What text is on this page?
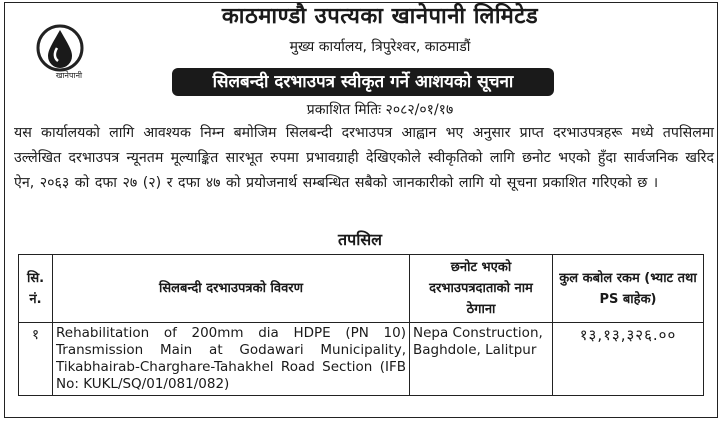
खानेपानी
काठमाण्डौ उपत्यका खानेपानी लिमिटेड
मुख्य कार्यालय, त्रिपुरेश्वर, काठमाडौं
सिलबन्दी दरभाउपत्र स्वीकृत गर्ने आशयको सूचना
प्रकाशित मितिः २०८२/०१/१७
यस कार्यालयको लागि आवश्यक निम्न बमोजिम सिलबन्दी दरभाउपत्र आह्वान भए अनुसार प्राप्त दरभाउपत्रहरू मध्ये तपसिलमा उल्लेखित दरभाउपत्र न्यूनतम मूल्याङ्कित सारभूत रुपमा प्रभावग्राही देखिएकोले स्वीकृतिको लागि छनोट भएको हुँदा सार्वजनिक खरिद ऐन, २०६३ को दफा २७ (२) र दफा ४७ को प्रयोजनार्थ सम्बन्धित सबैको जानकारीको लागि यो सूचना प्रकाशित गरिएको छ ।
तपसिल
सि. नं.	सिलबन्दी दरभाउपत्रको विवरण	छनोट भएको दरभाउपत्रदाताको नाम ठेगाना	कुल कबोल रकम (भ्याट तथा PS बाहेक)
१	Rehabilitation of 200mm dia HDPE (PN 10) Transmission Main at Godawari Municipality, Tikabhairab-Charghare-Tahakhel Road Section (IFB No: KUKL/SQ/01/081/082)	Nepa Construction, Baghdole, Lalitpur	१३,१३,३२६.००
